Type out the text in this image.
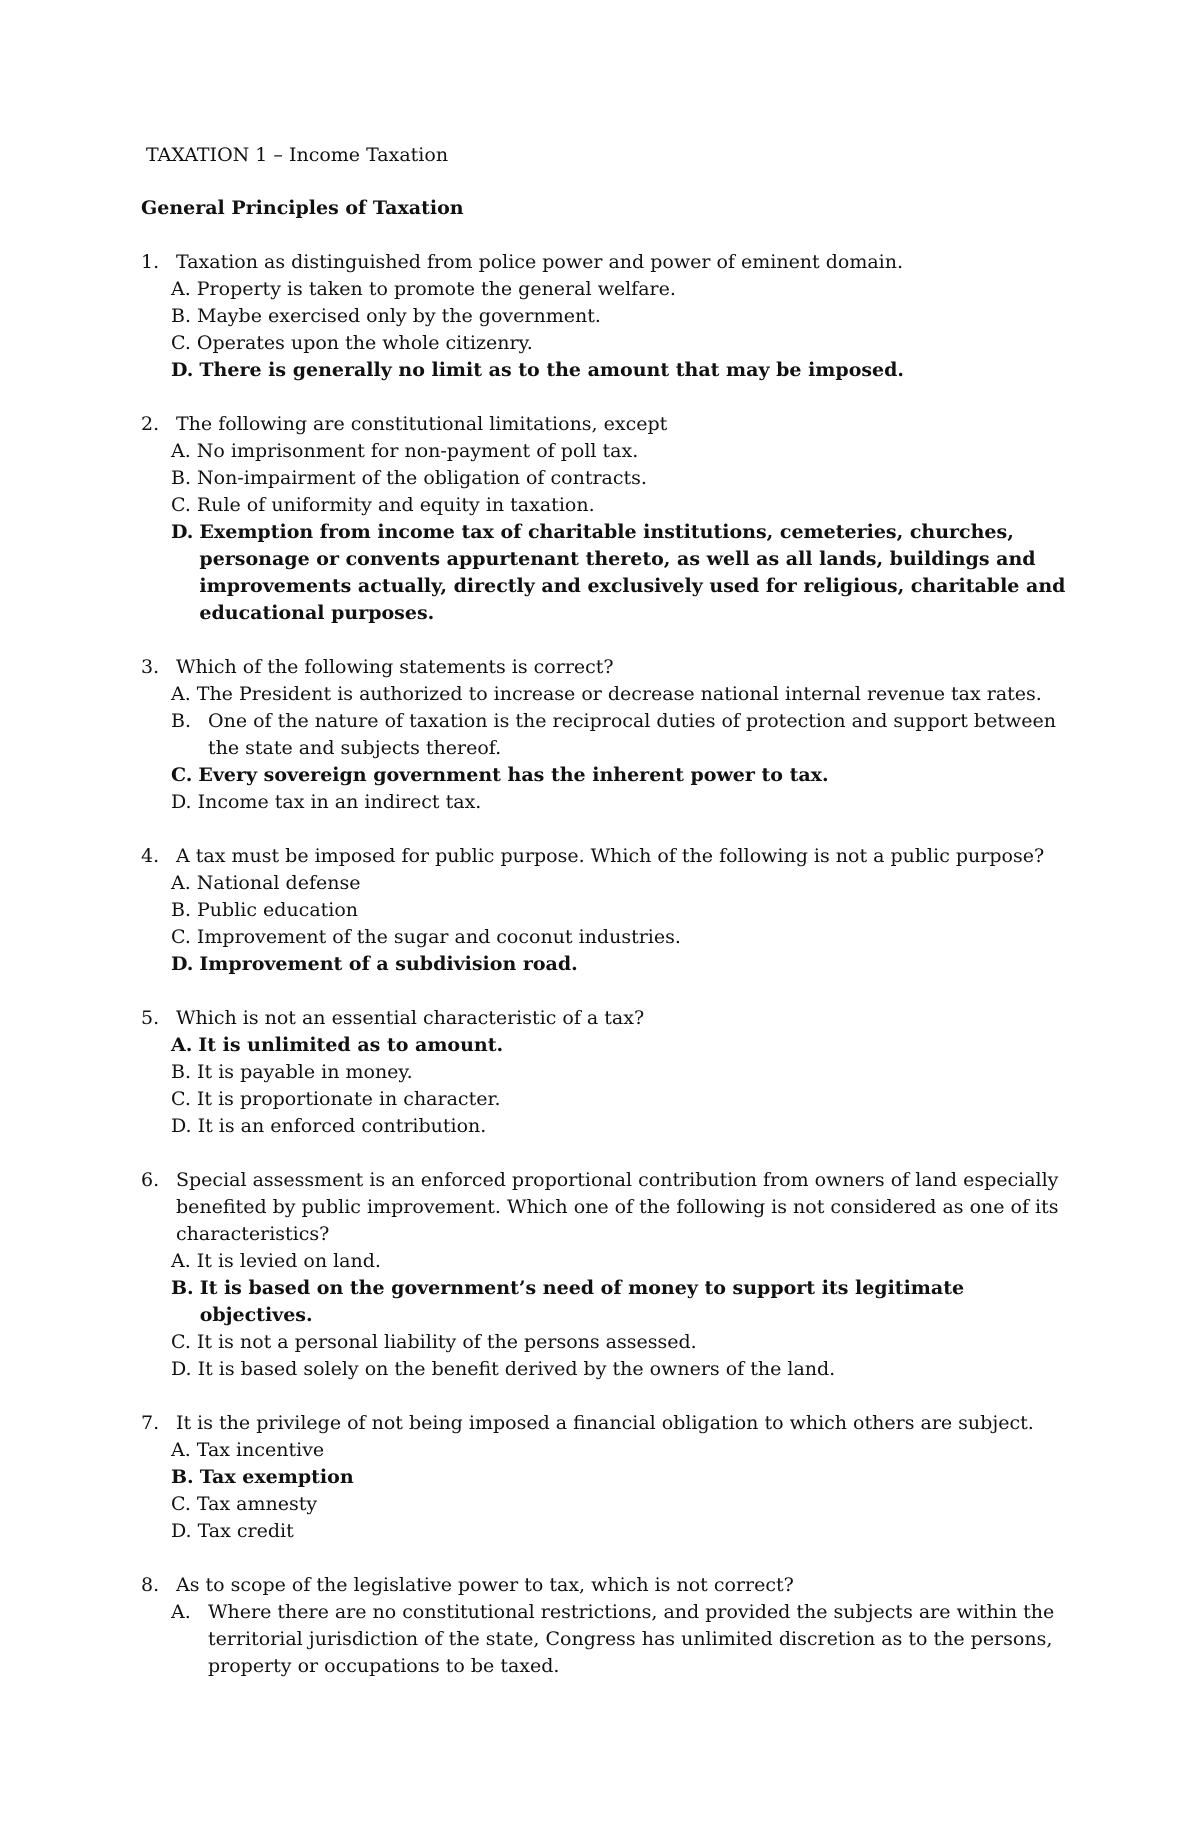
TAXATION 1 – Income Taxation

General Principles of Taxation

1. Taxation as distinguished from police power and power of eminent domain.
A. Property is taken to promote the general welfare.
B. Maybe exercised only by the government.
C. Operates upon the whole citizenry.
D. There is generally no limit as to the amount that may be imposed.
2. The following are constitutional limitations, except
A. No imprisonment for non-payment of poll tax.
B. Non-impairment of the obligation of contracts.
C. Rule of uniformity and equity in taxation.
D. Exemption from income tax of charitable institutions, cemeteries, churches, personage or convents appurtenant thereto, as well as all lands, buildings and improvements actually, directly and exclusively used for religious, charitable and educational purposes.
3. Which of the following statements is correct?
A. The President is authorized to increase or decrease national internal revenue tax rates.
B. One of the nature of taxation is the reciprocal duties of protection and support between the state and subjects thereof.
C. Every sovereign government has the inherent power to tax.
D. Income tax in an indirect tax.
4. A tax must be imposed for public purpose. Which of the following is not a public purpose?
A. National defense
B. Public education
C. Improvement of the sugar and coconut industries.
D. Improvement of a subdivision road.
5. Which is not an essential characteristic of a tax?
A. It is unlimited as to amount.
B. It is payable in money.
C. It is proportionate in character.
D. It is an enforced contribution.
6. Special assessment is an enforced proportional contribution from owners of land especially benefited by public improvement. Which one of the following is not considered as one of its characteristics?
A. It is levied on land.
B. It is based on the government’s need of money to support its legitimate objectives.
C. It is not a personal liability of the persons assessed.
D. It is based solely on the benefit derived by the owners of the land.
7. It is the privilege of not being imposed a financial obligation to which others are subject.
A. Tax incentive
B. Tax exemption
C. Tax amnesty
D. Tax credit
8. As to scope of the legislative power to tax, which is not correct?
A. Where there are no constitutional restrictions, and provided the subjects are within the territorial jurisdiction of the state, Congress has unlimited discretion as to the persons, property or occupations to be taxed.
